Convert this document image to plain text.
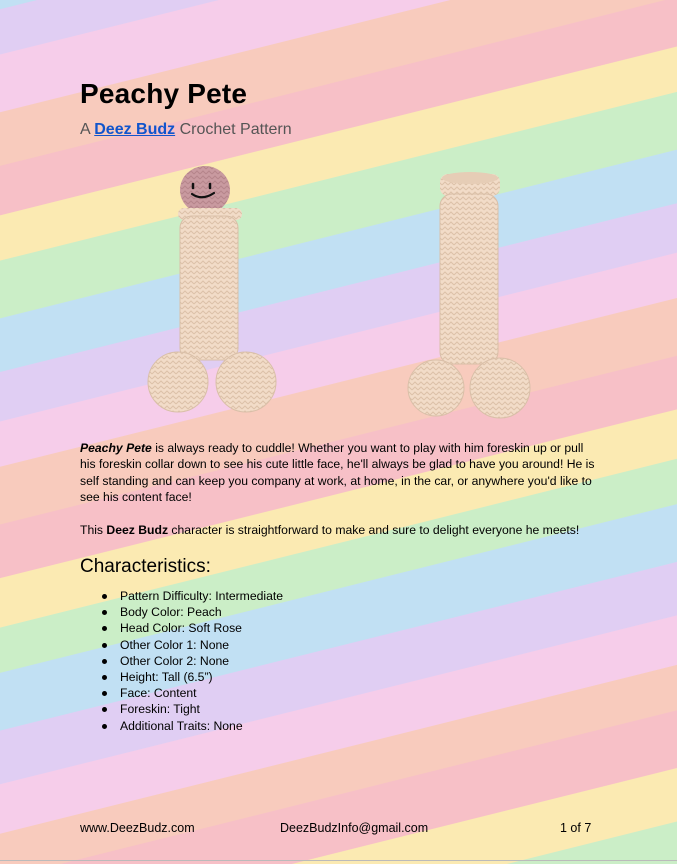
Peachy Pete
A Deez Budz Crochet Pattern

Peachy Pete is always ready to cuddle! Whether you want to play with him foreskin up or pull his foreskin collar down to see his cute little face, he'll always be glad to have you around! He is self standing and can keep you company at work, at home, in the car, or anywhere you'd like to see his content face!

This Deez Budz character is straightforward to make and sure to delight everyone he meets!

Characteristics:
Pattern Difficulty: Intermediate
Body Color: Peach
Head Color: Soft Rose
Other Color 1: None
Other Color 2: None
Height: Tall (6.5”)
Face: Content
Foreskin: Tight
Additional Traits: None
www.DeezBudz.com	DeezBudzInfo@gmail.com	1 of 7
